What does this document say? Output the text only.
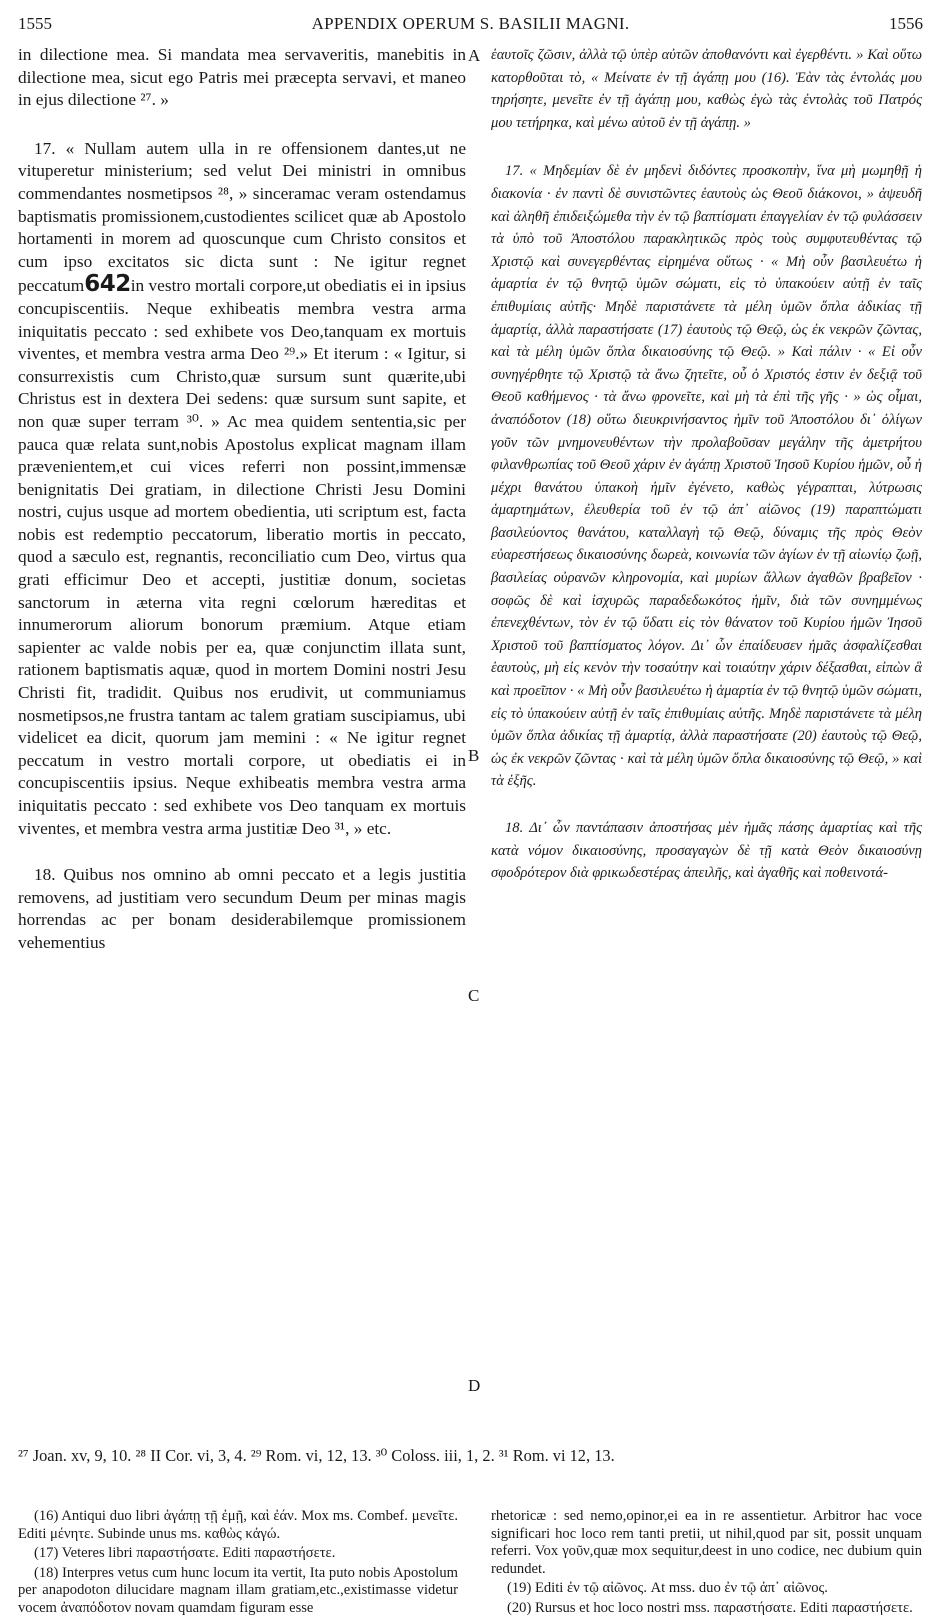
1555	APPENDIX OPERUM S. BASILII MAGNI.	1556

in dilectione mea. Si mandata mea servaveritis, manebitis in dilectione mea, sicut ego Patris mei præcepta servavi, et maneo in ejus dilectione ²⁷. »

17. « Nullam autem ulla in re offensionem dantes,ut ne vituperetur ministerium; sed velut Dei ministri in omnibus commendantes nosmetipsos ²⁸, » sinceramac veram ostendamus baptismatis promissionem,custodientes scilicet quæ ab Apostolo hortamenti in morem ad quoscunque cum Christo consitos et cum ipso excitatos sic dicta sunt : Ne igitur regnet peccatum642in vestro mortali corpore,ut obediatis ei in ipsius concupiscentiis. Neque exhibeatis membra vestra arma iniquitatis peccato : sed exhibete vos Deo,tanquam ex mortuis viventes, et membra vestra arma Deo ²⁹.» Et iterum : « Igitur, si consurrexistis cum Christo,quæ sursum sunt quærite,ubi Christus est in dextera Dei sedens: quæ sursum sunt sapite, et non quæ super terram ³⁰. » Ac mea quidem sententia,sic per pauca quæ relata sunt,nobis Apostolus explicat magnam illam prævenientem,et cui vices referri non possint,immensæ benignitatis Dei gratiam, in dilectione Christi Jesu Domini nostri, cujus usque ad mortem obedientia, uti scriptum est, facta nobis est redemptio peccatorum, liberatio mortis in peccato, quod a sæculo est, regnantis, reconciliatio cum Deo, virtus qua grati efficimur Deo et accepti, justitiæ donum, societas sanctorum in æterna vita regni cœlorum hæreditas et innumerorum aliorum bonorum præmium. Atque etiam sapienter ac valde nobis per ea, quæ conjunctim illata sunt, rationem baptismatis aquæ, quod in mortem Domini nostri Jesu Christi fit, tradidit. Quibus nos erudivit, ut communiamus nosmetipsos,ne frustra tantam ac talem gratiam suscipiamus, ubi videlicet ea dicit, quorum jam memini : « Ne igitur regnet peccatum in vestro mortali corpore, ut obediatis ei in concupiscentiis ipsius. Neque exhibeatis membra vestra arma iniquitatis peccato : sed exhibete vos Deo tanquam ex mortuis viventes, et membra vestra arma justitiæ Deo ³¹, » etc.

18. Quibus nos omnino ab omni peccato et a legis justitia removens, ad justitiam vero secundum Deum per minas magis horrendas ac per bonam desiderabilemque promissionem vehementius

A
B
C
D

ἑαυτοῖς ζῶσιν, ἀλλὰ τῷ ὑπὲρ αὐτῶν ἀποθανόντι καὶ ἐγερθέντι. » Καὶ οὕτω κατορθοῦται τὸ, « Μείνατε ἐν τῇ ἀγάπῃ μου (16). Ἐὰν τὰς ἐντολάς μου τηρήσητε, μενεῖτε ἐν τῇ ἀγάπῃ μου, καθὼς ἐγὼ τὰς ἐντολὰς τοῦ Πατρός μου τετήρηκα, καὶ μένω αὐτοῦ ἐν τῇ ἀγάπῃ. »

17. « Μηδεμίαν δὲ ἐν μηδενὶ διδόντες προσκοπὴν, ἵνα μὴ μωμηθῇ ἡ διακονία · ἐν παντὶ δὲ συνιστῶντες ἑαυτοὺς ὡς Θεοῦ διάκονοι, » ἀψευδῆ καὶ ἀληθῆ ἐπιδειξώμεθα τὴν ἐν τῷ βαπτίσματι ἐπαγγελίαν ἐν τῷ φυλάσσειν τὰ ὑπὸ τοῦ Ἀποστόλου παρακλητικῶς πρὸς τοὺς συμφυτευθέντας τῷ Χριστῷ καὶ συνεγερθέντας εἰρημένα οὕτως · « Μὴ οὖν βασιλευέτω ἡ ἁμαρτία ἐν τῷ θνητῷ ὑμῶν σώματι, εἰς τὸ ὑπακούειν αὐτῇ ἐν ταῖς ἐπιθυμίαις αὐτῆς· Μηδὲ παριστάνετε τὰ μέλη ὑμῶν ὅπλα ἀδικίας τῇ ἁμαρτίᾳ, ἀλλὰ παραστήσατε (17) ἑαυτοὺς τῷ Θεῷ, ὡς ἐκ νεκρῶν ζῶντας, καὶ τὰ μέλη ὑμῶν ὅπλα δικαιοσύνης τῷ Θεῷ. » Καὶ πάλιν · « Εἰ οὖν συνηγέρθητε τῷ Χριστῷ τὰ ἄνω ζητεῖτε, οὗ ὁ Χριστός ἐστιν ἐν δεξιᾷ τοῦ Θεοῦ καθήμενος · τὰ ἄνω φρονεῖτε, καὶ μὴ τὰ ἐπὶ τῆς γῆς · » ὡς οἶμαι, ἀναπόδοτον (18) οὕτω διευκρινήσαντος ἡμῖν τοῦ Ἀποστόλου δι᾽ ὀλίγων γοῦν τῶν μνημονευθέντων τὴν προλαβοῦσαν μεγάλην τῆς ἀμετρήτου φιλανθρωπίας τοῦ Θεοῦ χάριν ἐν ἀγάπῃ Χριστοῦ Ἰησοῦ Κυρίου ἡμῶν, οὗ ἡ μέχρι θανάτου ὑπακοὴ ἡμῖν ἐγένετο, καθὼς γέγραπται, λύτρωσις ἁμαρτημάτων, ἐλευθερία τοῦ ἐν τῷ ἀπ᾽ αἰῶνος (19) παραπτώματι βασιλεύοντος θανάτου, καταλλαγὴ τῷ Θεῷ, δύναμις τῆς πρὸς Θεὸν εὐαρεστήσεως δικαιοσύνης δωρεὰ, κοινωνία τῶν ἁγίων ἐν τῇ αἰωνίῳ ζωῇ, βασιλείας οὐρανῶν κληρονομία, καὶ μυρίων ἄλλων ἀγαθῶν βραβεῖον · σοφῶς δὲ καὶ ἰσχυρῶς παραδεδωκότος ἡμῖν, διὰ τῶν συνημμένως ἐπενεχθέντων, τὸν ἐν τῷ ὕδατι εἰς τὸν θάνατον τοῦ Κυρίου ἡμῶν Ἰησοῦ Χριστοῦ τοῦ βαπτίσματος λόγον. Δι᾽ ὧν ἐπαίδευσεν ἡμᾶς ἀσφαλίζεσθαι ἑαυτοὺς, μὴ εἰς κενὸν τὴν τοσαύτην καὶ τοιαύτην χάριν δέξασθαι, εἰπὼν ἃ καὶ προεῖπον · « Μὴ οὖν βασιλευέτω ἡ ἁμαρτία ἐν τῷ θνητῷ ὑμῶν σώματι, εἰς τὸ ὑπακούειν αὐτῇ ἐν ταῖς ἐπιθυμίαις αὐτῆς. Μηδὲ παριστάνετε τὰ μέλη ὑμῶν ὅπλα ἀδικίας τῇ ἁμαρτίᾳ, ἀλλὰ παραστήσατε (20) ἑαυτοὺς τῷ Θεῷ, ὡς ἐκ νεκρῶν ζῶντας · καὶ τὰ μέλη ὑμῶν ὅπλα δικαιοσύνης τῷ Θεῷ, » καὶ τὰ ἑξῆς.

18. Δι᾽ ὧν παντάπασιν ἀποστήσας μὲν ἡμᾶς πάσης ἁμαρτίας καὶ τῆς κατὰ νόμον δικαιοσύνης, προσαγαγὼν δὲ τῇ κατὰ Θεὸν δικαιοσύνῃ σφοδρότερον διὰ φρικωδεστέρας ἀπειλῆς, καὶ ἀγαθῆς καὶ ποθεινοτά-

²⁷ Joan. xv, 9, 10. ²⁸ II Cor. vi, 3, 4. ²⁹ Rom. vi, 12, 13. ³⁰ Coloss. iii, 1, 2. ³¹ Rom. vi 12, 13.

(16) Antiqui duo libri ἀγάπῃ τῇ ἐμῇ, καὶ ἐάν. Mox ms. Combef. μενεῖτε. Editi μένητε. Subinde unus ms. καθὼς κἀγώ.

(17) Veteres libri παραστήσατε. Editi παραστήσετε.

(18) Interpres vetus cum hunc locum ita vertit, Ita puto nobis Apostolum per anapodoton dilucidare magnam illam gratiam,etc.,existimasse videtur vocem ἀναπόδοτον novam quamdam figuram esse

rhetoricæ : sed nemo,opinor,ei ea in re assentietur. Arbitror hac voce significari hoc loco rem tanti pretii, ut nihil,quod par sit, possit unquam referri. Vox γοῦν,quæ mox sequitur,deest in uno codice, nec dubium quin redundet.

(19) Editi ἐν τῷ αἰῶνος. At mss. duo ἐν τῷ ἀπ᾽ αἰῶνος.

(20) Rursus et hoc loco nostri mss. παραστήσατε. Editi παραστήσετε.
